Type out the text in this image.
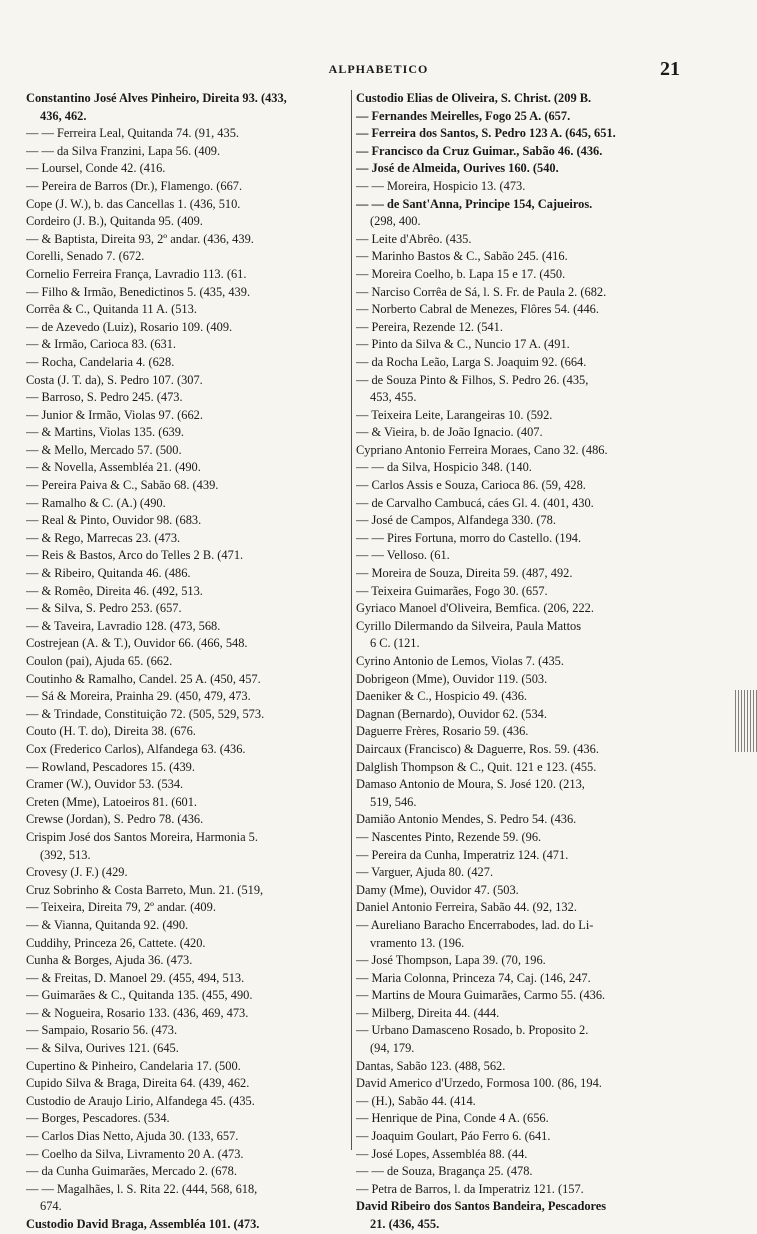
ALPHABETICO	21
Constantino José Alves Pinheiro, Direita 93. (433,
436, 462.
— — Ferreira Leal, Quitanda 74. (91, 435.
— — da Silva Franzini, Lapa 56. (409.
— Loursel, Conde 42. (416.
— Pereira de Barros (Dr.), Flamengo. (667.
Cope (J. W.), b. das Cancellas 1. (436, 510.
Cordeiro (J. B.), Quitanda 95. (409.
— & Baptista, Direita 93, 2º andar. (436, 439.
Corelli, Senado 7. (672.
Cornelio Ferreira França, Lavradio 113. (61.
— Filho & Irmão, Benedictinos 5. (435, 439.
Corrêa & C., Quitanda 11 A. (513.
— de Azevedo (Luiz), Rosario 109. (409.
— & Irmão, Carioca 83. (631.
— Rocha, Candelaria 4. (628.
Costa (J. T. da), S. Pedro 107. (307.
— Barroso, S. Pedro 245. (473.
— Junior & Irmão, Violas 97. (662.
— & Martins, Violas 135. (639.
— & Mello, Mercado 57. (500.
— & Novella, Assembléa 21. (490.
— Pereira Paiva & C., Sabão 68. (439.
— Ramalho & C. (A.) (490.
— Real & Pinto, Ouvidor 98. (683.
— & Rego, Marrecas 23. (473.
— Reis & Bastos, Arco do Telles 2 B. (471.
— & Ribeiro, Quitanda 46. (486.
— & Romêo, Direita 46. (492, 513.
— & Silva, S. Pedro 253. (657.
— & Taveira, Lavradio 128. (473, 568.
Costrejean (A. & T.), Ouvidor 66. (466, 548.
Coulon (pai), Ajuda 65. (662.
Coutinho & Ramalho, Candel. 25 A. (450, 457.
— Sá & Moreira, Prainha 29. (450, 479, 473.
— & Trindade, Constituição 72. (505, 529, 573.
Couto (H. T. do), Direita 38. (676.
Cox (Frederico Carlos), Alfandega 63. (436.
— Rowland, Pescadores 15. (439.
Cramer (W.), Ouvidor 53. (534.
Creten (Mme), Latoeiros 81. (601.
Crewse (Jordan), S. Pedro 78. (436.
Crispim José dos Santos Moreira, Harmonia 5.
(392, 513.
Crovesy (J. F.) (429.
Cruz Sobrinho & Costa Barreto, Mun. 21. (519,
— Teixeira, Direita 79, 2º andar. (409.
— & Vianna, Quitanda 92. (490.
Cuddihy, Princeza 26, Cattete. (420.
Cunha & Borges, Ajuda 36. (473.
— & Freitas, D. Manoel 29. (455, 494, 513.
— Guimarães & C., Quitanda 135. (455, 490.
— & Nogueira, Rosario 133. (436, 469, 473.
— Sampaio, Rosario 56. (473.
— & Silva, Ourives 121. (645.
Cupertino & Pinheiro, Candelaria 17. (500.
Cupido Silva & Braga, Direita 64. (439, 462.
Custodio de Araujo Lirio, Alfandega 45. (435.
— Borges, Pescadores. (534.
— Carlos Dias Netto, Ajuda 30. (133, 657.
— Coelho da Silva, Livramento 20 A. (473.
— da Cunha Guimarães, Mercado 2. (678.
— — Magalhães, l. S. Rita 22. (444, 568, 618,
674.
Custodio David Braga, Assembléa 101. (473.
Custodio Elias de Oliveira, S. Christ. (209 B.
— Fernandes Meirelles, Fogo 25 A. (657.
— Ferreira dos Santos, S. Pedro 123 A. (645, 651.
— Francisco da Cruz Guimar., Sabão 46. (436.
— José de Almeida, Ourives 160. (540.
— — Moreira, Hospicio 13. (473.
— — de Sant'Anna, Principe 154, Cajueiros.
(298, 400.
— Leite d'Abrêo. (435.
— Marinho Bastos & C., Sabão 245. (416.
— Moreira Coelho, b. Lapa 15 e 17. (450.
— Narciso Corrêa de Sá, l. S. Fr. de Paula 2. (682.
— Norberto Cabral de Menezes, Flôres 54. (446.
— Pereira, Rezende 12. (541.
— Pinto da Silva & C., Nuncio 17 A. (491.
— da Rocha Leão, Larga S. Joaquim 92. (664.
— de Souza Pinto & Filhos, S. Pedro 26. (435,
453, 455.
— Teixeira Leite, Larangeiras 10. (592.
— & Vieira, b. de João Ignacio. (407.
Cypriano Antonio Ferreira Moraes, Cano 32. (486.
— — da Silva, Hospicio 348. (140.
— Carlos Assis e Souza, Carioca 86. (59, 428.
— de Carvalho Cambucá, cáes Gl. 4. (401, 430.
— José de Campos, Alfandega 330. (78.
— — Pires Fortuna, morro do Castello. (194.
— — Velloso. (61.
— Moreira de Souza, Direita 59. (487, 492.
— Teixeira Guimarães, Fogo 30. (657.
Gyriaco Manoel d'Oliveira, Bemfica. (206, 222.
Cyrillo Dilermando da Silveira, Paula Mattos
6 C. (121.
Cyrino Antonio de Lemos, Violas 7. (435.
Dobrigeon (Mme), Ouvidor 119. (503.
Daeniker & C., Hospicio 49. (436.
Dagnan (Bernardo), Ouvidor 62. (534.
Daguerre Frères, Rosario 59. (436.
Daircaux (Francisco) & Daguerre, Ros. 59. (436.
Dalglish Thompson & C., Quit. 121 e 123. (455.
Damaso Antonio de Moura, S. José 120. (213,
519, 546.
Damião Antonio Mendes, S. Pedro 54. (436.
— Nascentes Pinto, Rezende 59. (96.
— Pereira da Cunha, Imperatriz 124. (471.
— Varguer, Ajuda 80. (427.
Damy (Mme), Ouvidor 47. (503.
Daniel Antonio Ferreira, Sabão 44. (92, 132.
— Aureliano Baracho Encerrabodes, lad. do Li-
vramento 13. (196.
— José Thompson, Lapa 39. (70, 196.
— Maria Colonna, Princeza 74, Caj. (146, 247.
— Martins de Moura Guimarães, Carmo 55. (436.
— Milberg, Direita 44. (444.
— Urbano Damasceno Rosado, b. Proposito 2.
(94, 179.
Dantas, Sabão 123. (488, 562.
David Americo d'Urzedo, Formosa 100. (86, 194.
— (H.), Sabão 44. (414.
— Henrique de Pina, Conde 4 A. (656.
— Joaquim Goulart, Páo Ferro 6. (641.
— José Lopes, Assembléa 88. (44.
— — de Souza, Bragança 25. (478.
— Petra de Barros, l. da Imperatriz 121. (157.
David Ribeiro dos Santos Bandeira, Pescadores
21. (436, 455.
